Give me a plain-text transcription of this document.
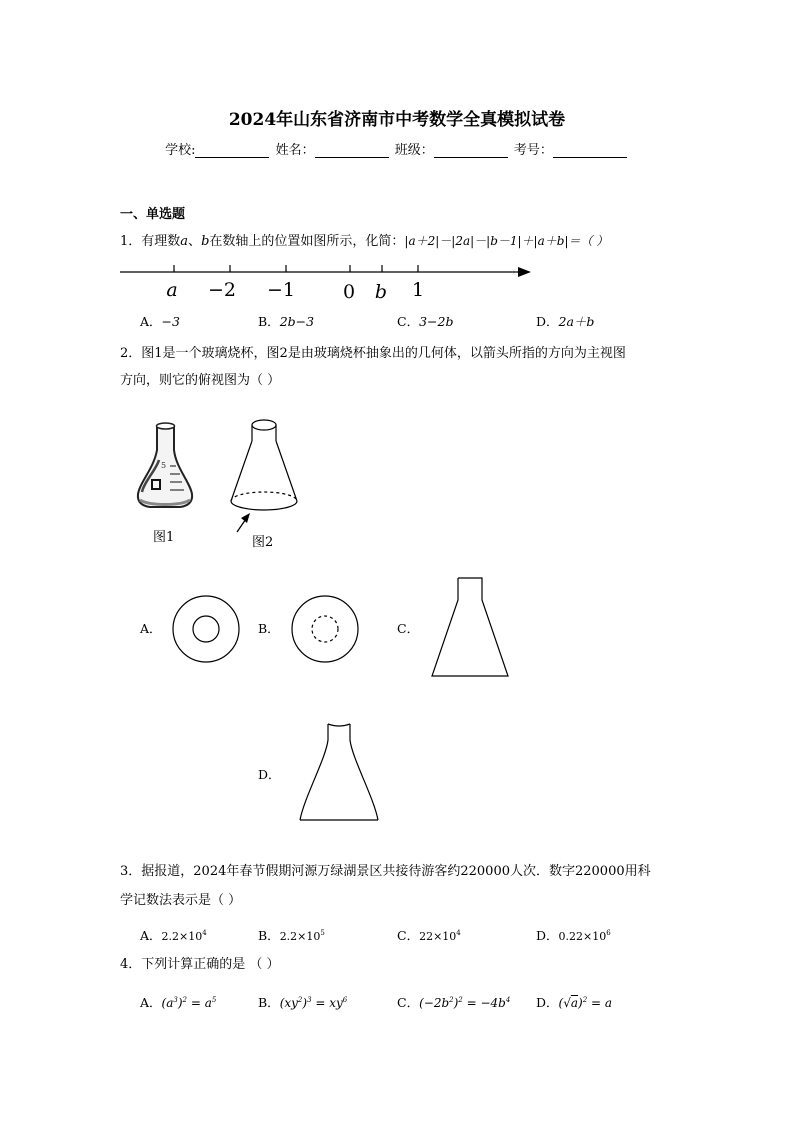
2024年山东省济南市中考数学全真模拟试卷
学校:	姓名：	班级：	考号：
一、单选题
1．有理数a、b在数轴上的位置如图所示，化简：|a＋2|－|2a|－|b－1|＋|a＋b|＝（ ）
a −2 −1	0 b 1
A．−3	B．2b−3	C．3−2b	D．2a＋b
2．图1是一个玻璃烧杯，图2是由玻璃烧杯抽象出的几何体，以箭头所指的方向为主视图
方向，则它的俯视图为（ ）
5
图1	图2
A．	B．	C．
D．
3．据报道，2024年春节假期河源万绿湖景区共接待游客约220000人次．数字220000用科
学记数法表示是（ ）
A．$2.2\times 10^4$	B．$2.2\times 10^5$	C．$22\times 10^4$	D．$0.22\times 10^6$
4．下列计算正确的是 （ ）
A．$(a^3)^2 = a^5$	B．$(xy^2)^3 = xy^6$	C．$(-2b^2)^2 = -4b^4$ D．$(√a)^2 = a$
